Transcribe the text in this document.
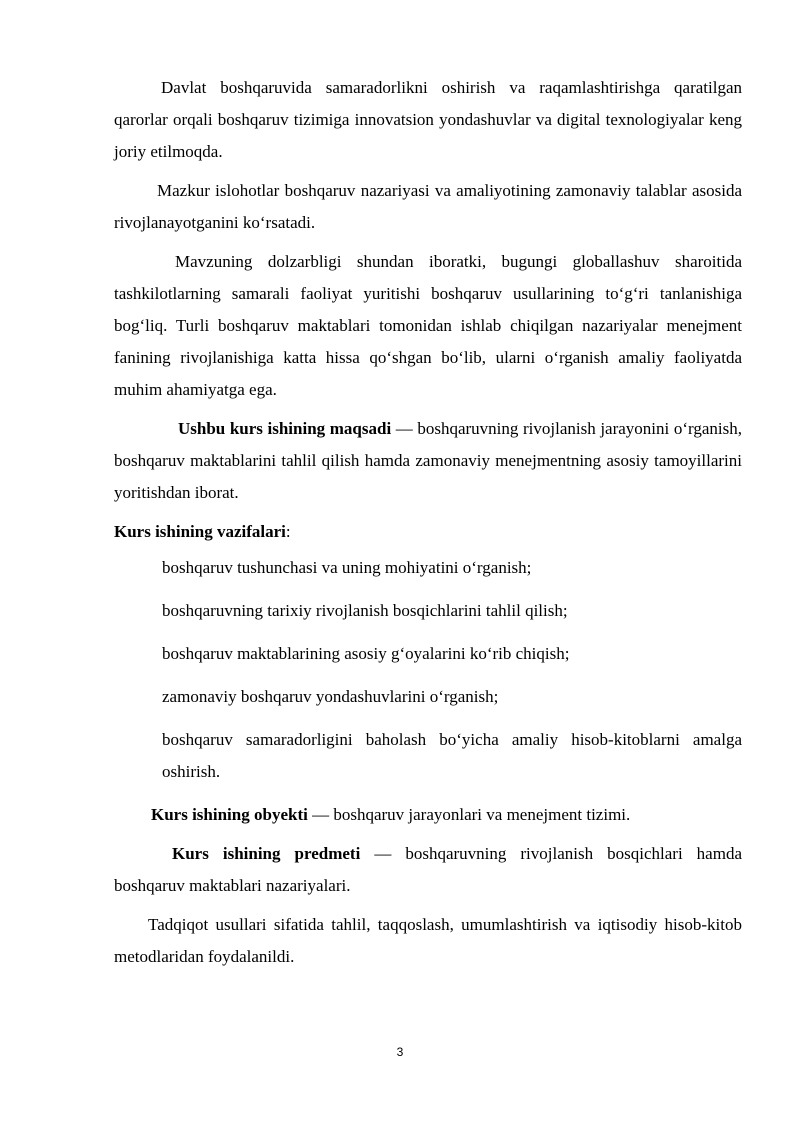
Davlat boshqaruvida samaradorlikni oshirish va raqamlashtirishga qaratilgan qarorlar orqali boshqaruv tizimiga innovatsion yondashuvlar va digital texnologiyalar keng joriy etilmoqda.

Mazkur islohotlar boshqaruv nazariyasi va amaliyotining zamonaviy talablar asosida rivojlanayotganini ko‘rsatadi.

Mavzuning dolzarbligi shundan iboratki, bugungi globallashuv sharoitida tashkilotlarning samarali faoliyat yuritishi boshqaruv usullarining to‘g‘ri tanlanishiga bog‘liq. Turli boshqaruv maktablari tomonidan ishlab chiqilgan nazariyalar menejment fanining rivojlanishiga katta hissa qo‘shgan bo‘lib, ularni o‘rganish amaliy faoliyatda muhim ahamiyatga ega.

Ushbu kurs ishining maqsadi — boshqaruvning rivojlanish jarayonini o‘rganish, boshqaruv maktablarini tahlil qilish hamda zamonaviy menejmentning asosiy tamoyillarini yoritishdan iborat.

Kurs ishining vazifalari:

boshqaruv tushunchasi va uning mohiyatini o‘rganish;
boshqaruvning tarixiy rivojlanish bosqichlarini tahlil qilish;
boshqaruv maktablarining asosiy g‘oyalarini ko‘rib chiqish;
zamonaviy boshqaruv yondashuvlarini o‘rganish;
boshqaruv samaradorligini baholash bo‘yicha amaliy hisob-kitoblarni amalga oshirish.

Kurs ishining obyekti — boshqaruv jarayonlari va menejment tizimi.

Kurs ishining predmeti — boshqaruvning rivojlanish bosqichlari hamda boshqaruv maktablari nazariyalari.

Tadqiqot usullari sifatida tahlil, taqqoslash, umumlashtirish va iqtisodiy hisob-kitob metodlaridan foydalanildi.

3
